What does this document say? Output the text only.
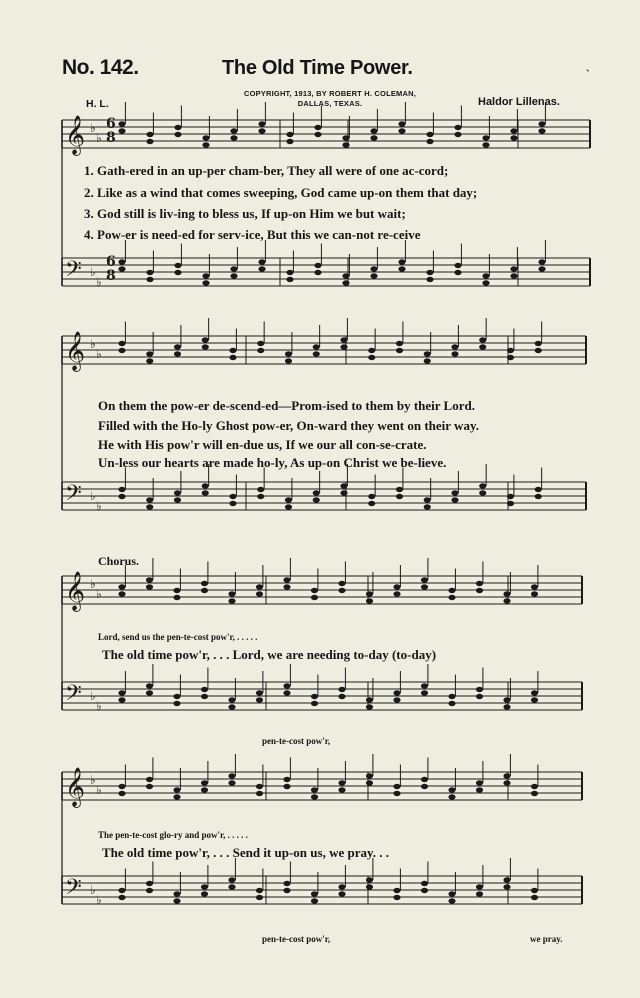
No. 142.	The Old Time Power.	ˎ
COPYRIGHT, 1913, BY ROBERT H. COLEMAN,
DALLAS, TEXAS.
H. L.	Haldor Lillenas.
𝄞 ♭
♭
𝄢 ♭
♭
𝄞 ♭
♭
𝄢 ♭
♭
𝄞 ♭
♭
𝄢 ♭
♭
𝄞 ♭
♭
𝄢 ♭
♭
6
8
6
8
1. Gath-ered in an up-per cham-ber, They all were of one ac-cord;
2. Like as a wind that comes sweeping, God came up-on them that day;
3. God still is liv-ing to bless us, If up-on Him we but wait;
4. Pow-er is need-ed for serv-ice, But this we can-not re-ceive
On them the pow-er de-scend-ed—Prom-ised to them by their Lord.
Filled with the Ho-ly Ghost pow-er, On-ward they went on their way.
He with His pow'r will en-due us, If we our all con-se-crate.
Un-less our hearts are made ho-ly, As up-on Christ we be-lieve.
Chorus.
Lord, send us the pen-te-cost pow'r, . . . . .
The old time pow'r, . . . Lord, we are needing to-day (to-day)
pen-te-cost pow'r,
The pen-te-cost glo-ry and pow'r, . . . . .
The old time pow'r, . . . Send it up-on us, we pray. . .
pen-te-cost pow'r,	we pray.
